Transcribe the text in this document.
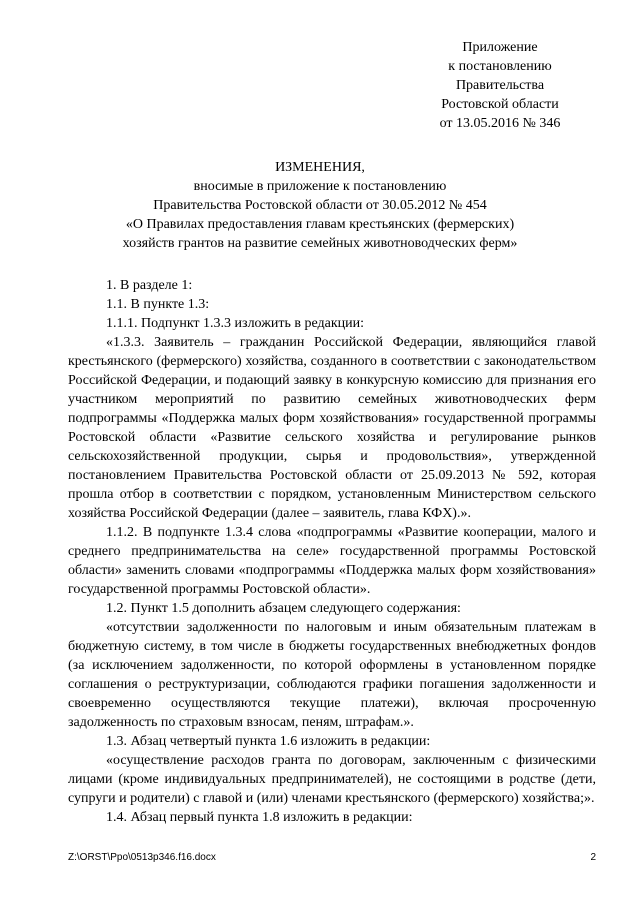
Приложение
к постановлению
Правительства
Ростовской области
от 13.05.2016 № 346
ИЗМЕНЕНИЯ,
вносимые в приложение к постановлению
Правительства Ростовской области от 30.05.2012 № 454
«О Правилах предоставления главам крестьянских (фермерских)
хозяйств грантов на развитие семейных животноводческих ферм»
1. В разделе 1:
1.1. В пункте 1.3:
1.1.1. Подпункт 1.3.3 изложить в редакции:
«1.3.3. Заявитель – гражданин Российской Федерации, являющийся главой крестьянского (фермерского) хозяйства, созданного в соответствии с законодательством Российской Федерации, и подающий заявку в конкурсную комиссию для признания его участником мероприятий по развитию семейных животноводческих ферм подпрограммы «Поддержка малых форм хозяйствования» государственной программы Ростовской области «Развитие сельского хозяйства и регулирование рынков сельскохозяйственной продукции, сырья и продовольствия», утвержденной постановлением Правительства Ростовской области от 25.09.2013 № 592, которая прошла отбор в соответствии с порядком, установленным Министерством сельского хозяйства Российской Федерации (далее – заявитель, глава КФХ).».
1.1.2. В подпункте 1.3.4 слова «подпрограммы «Развитие кооперации, малого и среднего предпринимательства на селе» государственной программы Ростовской области» заменить словами «подпрограммы «Поддержка малых форм хозяйствования» государственной программы Ростовской области».
1.2. Пункт 1.5 дополнить абзацем следующего содержания:
«отсутствии задолженности по налоговым и иным обязательным платежам в бюджетную систему, в том числе в бюджеты государственных внебюджетных фондов (за исключением задолженности, по которой оформлены в установленном порядке соглашения о реструктуризации, соблюдаются графики погашения задолженности и своевременно осуществляются текущие платежи), включая просроченную задолженность по страховым взносам, пеням, штрафам.».
1.3. Абзац четвертый пункта 1.6 изложить в редакции:
«осуществление расходов гранта по договорам, заключенным с физическими лицами (кроме индивидуальных предпринимателей), не состоящими в родстве (дети, супруги и родители) с главой и (или) членами крестьянского (фермерского) хозяйства;».
1.4. Абзац первый пункта 1.8 изложить в редакции:
Z:\ORST\Ppo\0513p346.f16.docx	2
